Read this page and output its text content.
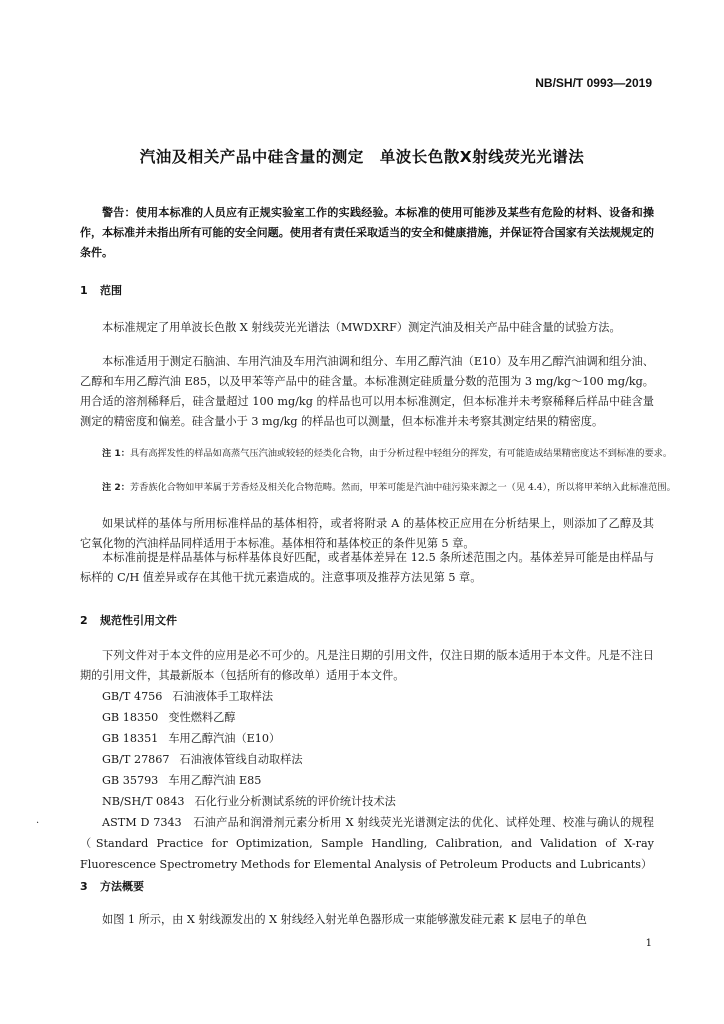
NB/SH/T 0993—2019
汽油及相关产品中硅含量的测定　单波长色散X射线荧光光谱法
警告：使用本标准的人员应有正规实验室工作的实践经验。本标准的使用可能涉及某些有危险的材料、设备和操作，本标准并未指出所有可能的安全问题。使用者有责任采取适当的安全和健康措施，并保证符合国家有关法规规定的条件。
1 范围
本标准规定了用单波长色散 X 射线荧光光谱法（MWDXRF）测定汽油及相关产品中硅含量的试验方法。
本标准适用于测定石脑油、车用汽油及车用汽油调和组分、车用乙醇汽油（E10）及车用乙醇汽油调和组分油、乙醇和车用乙醇汽油 E85，以及甲苯等产品中的硅含量。本标准测定硅质量分数的范围为 3 mg/kg～100 mg/kg。用合适的溶剂稀释后，硅含量超过 100 mg/kg 的样品也可以用本标准测定，但本标准并未考察稀释后样品中硅含量测定的精密度和偏差。硅含量小于 3 mg/kg 的样品也可以测量，但本标准并未考察其测定结果的精密度。
注 1：具有高挥发性的样品如高蒸气压汽油或较轻的烃类化合物，由于分析过程中轻组分的挥发，有可能造成结果精密度达不到标准的要求。
注 2：芳香族化合物如甲苯属于芳香烃及相关化合物范畴。然而，甲苯可能是汽油中硅污染来源之一（见 4.4），所以将甲苯纳入此标准范围。
如果试样的基体与所用标准样品的基体相符，或者将附录 A 的基体校正应用在分析结果上，则添加了乙醇及其它氧化物的汽油样品同样适用于本标准。基体相符和基体校正的条件见第 5 章。
本标准前提是样品基体与标样基体良好匹配，或者基体差异在 12.5 条所述范围之内。基体差异可能是由样品与标样的 C/H 值差异或存在其他干扰元素造成的。注意事项及推荐方法见第 5 章。
2 规范性引用文件
下列文件对于本文件的应用是必不可少的。凡是注日期的引用文件，仅注日期的版本适用于本文件。凡是不注日期的引用文件，其最新版本（包括所有的修改单）适用于本文件。
GB/T 4756 石油液体手工取样法
GB 18350 变性燃料乙醇
GB 18351 车用乙醇汽油（E10）
GB/T 27867 石油液体管线自动取样法
GB 35793 车用乙醇汽油 E85
NB/SH/T 0843 石化行业分析测试系统的评价统计技术法
ASTM D 7343　石油产品和润滑剂元素分析用 X 射线荧光光谱测定法的优化、试样处理、校准与确认的规程（Standard Practice for Optimization, Sample Handling, Calibration, and Validation of X-ray Fluorescence Spectrometry Methods for Elemental Analysis of Petroleum Products and Lubricants）
·
3 方法概要
如图 1 所示，由 X 射线源发出的 X 射线经入射光单色器形成一束能够激发硅元素 K 层电子的单色
1
